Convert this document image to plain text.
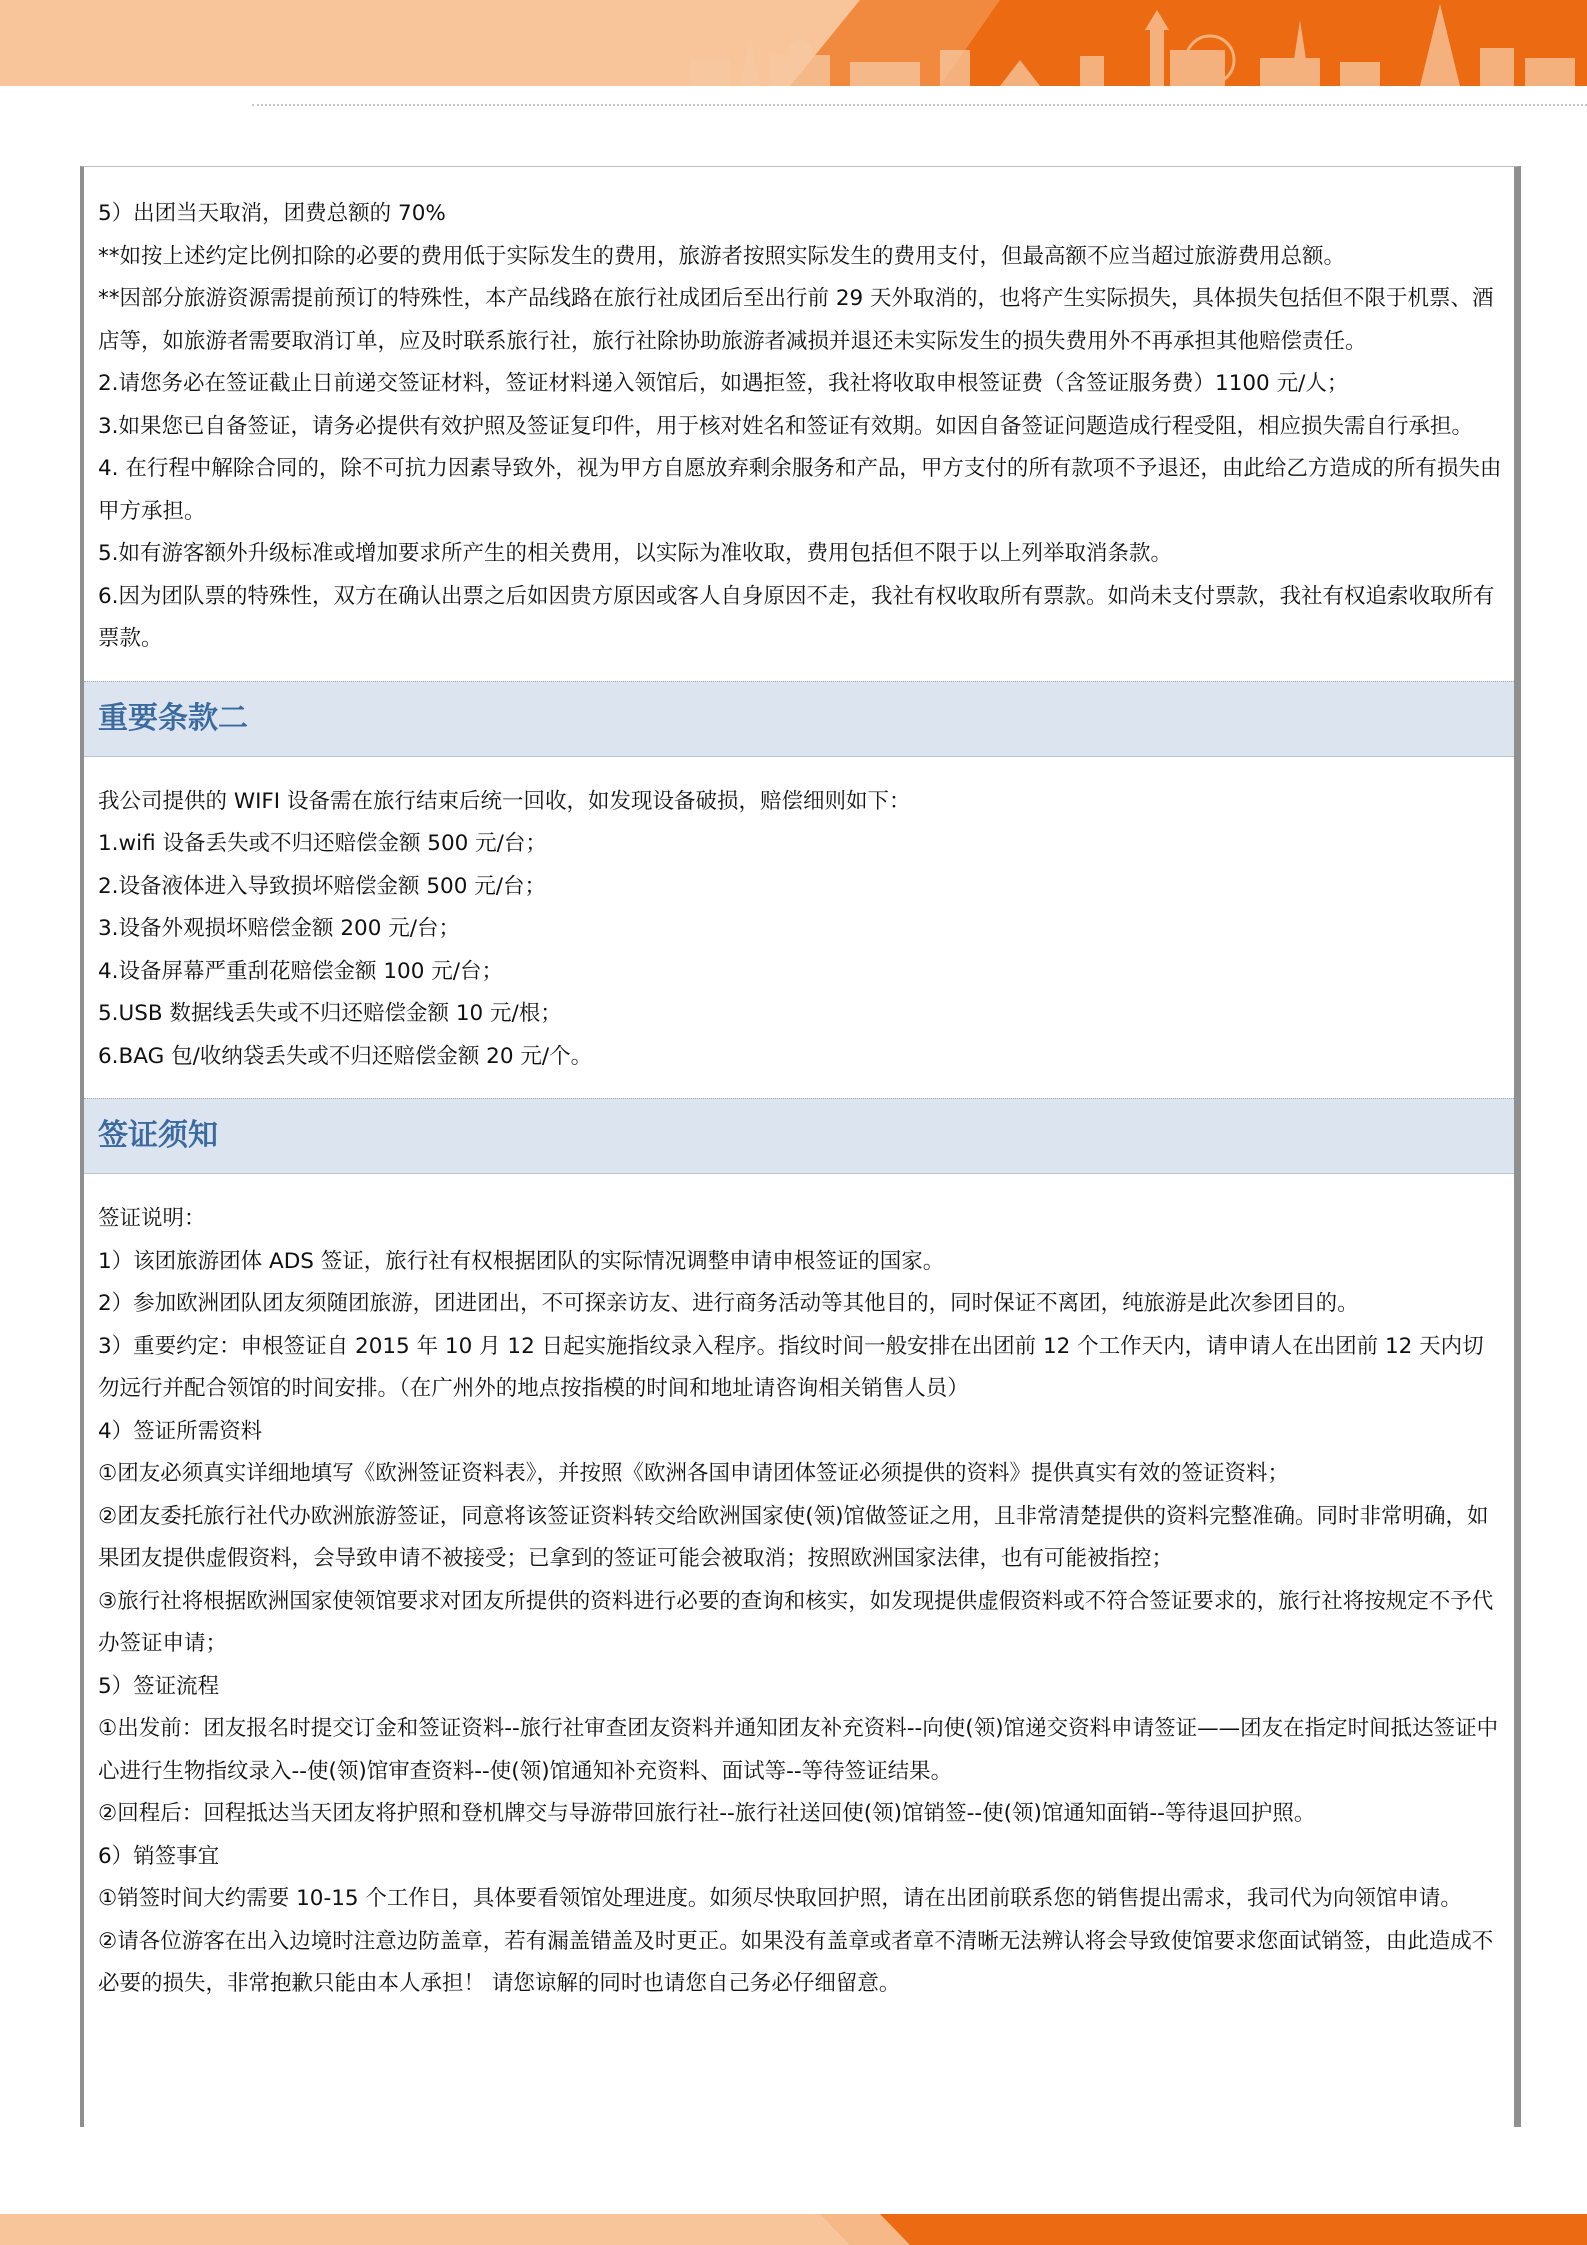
5）出团当天取消，团费总额的 70%

**如按上述约定比例扣除的必要的费用低于实际发生的费用，旅游者按照实际发生的费用支付，但最高额不应当超过旅游费用总额。

**因部分旅游资源需提前预订的特殊性，本产品线路在旅行社成团后至出行前 29 天外取消的，也将产生实际损失，具体损失包括但不限于机票、酒店等，如旅游者需要取消订单，应及时联系旅行社，旅行社除协助旅游者减损并退还未实际发生的损失费用外不再承担其他赔偿责任。

2.请您务必在签证截止日前递交签证材料，签证材料递入领馆后，如遇拒签，我社将收取申根签证费（含签证服务费）1100 元/人；

3.如果您已自备签证，请务必提供有效护照及签证复印件，用于核对姓名和签证有效期。如因自备签证问题造成行程受阻，相应损失需自行承担。

4. 在行程中解除合同的，除不可抗力因素导致外，视为甲方自愿放弃剩余服务和产品，甲方支付的所有款项不予退还，由此给乙方造成的所有损失由甲方承担。

5.如有游客额外升级标准或增加要求所产生的相关费用，以实际为准收取，费用包括但不限于以上列举取消条款。

6.因为团队票的特殊性，双方在确认出票之后如因贵方原因或客人自身原因不走，我社有权收取所有票款。如尚未支付票款，我社有权追索收取所有票款。

重要条款二

我公司提供的 WIFI 设备需在旅行结束后统一回收，如发现设备破损，赔偿细则如下：

1.wifi 设备丢失或不归还赔偿金额 500 元/台；

2.设备液体进入导致损坏赔偿金额 500 元/台；

3.设备外观损坏赔偿金额 200 元/台；

4.设备屏幕严重刮花赔偿金额 100 元/台；

5.USB 数据线丢失或不归还赔偿金额 10 元/根；

6.BAG 包/收纳袋丢失或不归还赔偿金额 20 元/个。

签证须知

签证说明：

1）该团旅游团体 ADS 签证，旅行社有权根据团队的实际情况调整申请申根签证的国家。

2）参加欧洲团队团友须随团旅游，团进团出，不可探亲访友、进行商务活动等其他目的，同时保证不离团，纯旅游是此次参团目的。

3）重要约定：申根签证自 2015 年 10 月 12 日起实施指纹录入程序。指纹时间一般安排在出团前 12 个工作天内，请申请人在出团前 12 天内切勿远行并配合领馆的时间安排。（在广州外的地点按指模的时间和地址请咨询相关销售人员）

4）签证所需资料

①团友必须真实详细地填写《欧洲签证资料表》，并按照《欧洲各国申请团体签证必须提供的资料》提供真实有效的签证资料；

②团友委托旅行社代办欧洲旅游签证，同意将该签证资料转交给欧洲国家使(领)馆做签证之用，且非常清楚提供的资料完整准确。同时非常明确，如果团友提供虚假资料，会导致申请不被接受；已拿到的签证可能会被取消；按照欧洲国家法律，也有可能被指控；

③旅行社将根据欧洲国家使领馆要求对团友所提供的资料进行必要的查询和核实，如发现提供虚假资料或不符合签证要求的，旅行社将按规定不予代办签证申请；

5）签证流程

①出发前：团友报名时提交订金和签证资料--旅行社审查团友资料并通知团友补充资料--向使(领)馆递交资料申请签证——团友在指定时间抵达签证中心进行生物指纹录入--使(领)馆审查资料--使(领)馆通知补充资料、面试等--等待签证结果。

②回程后：回程抵达当天团友将护照和登机牌交与导游带回旅行社--旅行社送回使(领)馆销签--使(领)馆通知面销--等待退回护照。

6）销签事宜

①销签时间大约需要 10-15 个工作日，具体要看领馆处理进度。如须尽快取回护照，请在出团前联系您的销售提出需求，我司代为向领馆申请。

②请各位游客在出入边境时注意边防盖章，若有漏盖错盖及时更正。如果没有盖章或者章不清晰无法辨认将会导致使馆要求您面试销签，由此造成不必要的损失，非常抱歉只能由本人承担！ 请您谅解的同时也请您自己务必仔细留意。
